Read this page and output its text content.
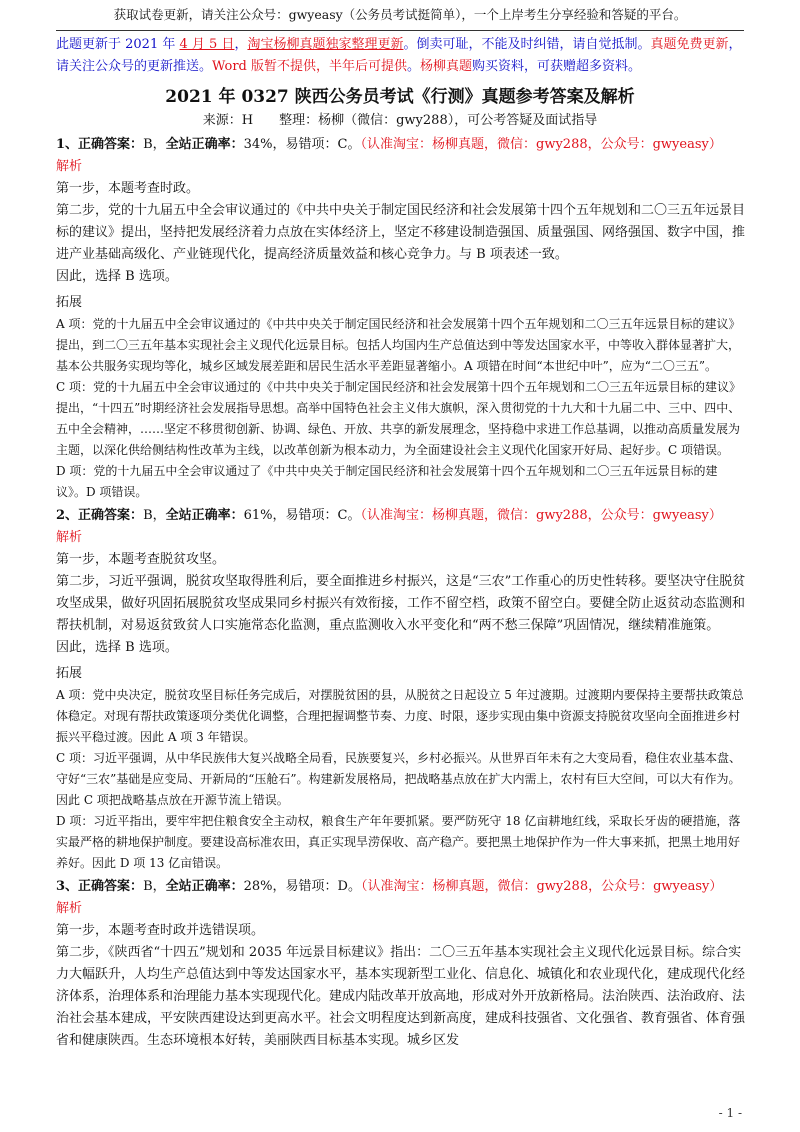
获取试卷更新，请关注公众号：gwyeasy（公务员考试挺简单），一个上岸考生分享经验和答疑的平台。
此题更新于 2021 年 4 月 5 日，淘宝杨柳真题独家整理更新。倒卖可耻，不能及时纠错，请自觉抵制。真题免费更新，请关注公众号的更新推送。Word 版暂不提供，半年后可提供。杨柳真题购买资料，可获赠超多资料。
2021 年 0327 陕西公务员考试《行测》真题参考答案及解析
来源：H　　整理：杨柳（微信：gwy288），可公考答疑及面试指导

1、正确答案：B，全站正确率：34%，易错项：C。（认准淘宝：杨柳真题，微信：gwy288，公众号：gwyeasy）

解析

第一步，本题考查时政。

第二步，党的十九届五中全会审议通过的《中共中央关于制定国民经济和社会发展第十四个五年规划和二〇三五年远景目标的建议》提出，坚持把发展经济着力点放在实体经济上，坚定不移建设制造强国、质量强国、网络强国、数字中国，推进产业基础高级化、产业链现代化，提高经济质量效益和核心竞争力。与 B 项表述一致。

因此，选择 B 选项。

拓展

A 项：党的十九届五中全会审议通过的《中共中央关于制定国民经济和社会发展第十四个五年规划和二〇三五年远景目标的建议》提出，到二〇三五年基本实现社会主义现代化远景目标。包括人均国内生产总值达到中等发达国家水平，中等收入群体显著扩大，基本公共服务实现均等化，城乡区域发展差距和居民生活水平差距显著缩小。A 项错在时间“本世纪中叶”，应为“二〇三五”。

C 项：党的十九届五中全会审议通过的《中共中央关于制定国民经济和社会发展第十四个五年规划和二〇三五年远景目标的建议》提出，“十四五”时期经济社会发展指导思想。高举中国特色社会主义伟大旗帜，深入贯彻党的十九大和十九届二中、三中、四中、五中全会精神，……坚定不移贯彻创新、协调、绿色、开放、共享的新发展理念，坚持稳中求进工作总基调，以推动高质量发展为主题，以深化供给侧结构性改革为主线，以改革创新为根本动力，为全面建设社会主义现代化国家开好局、起好步。C 项错误。

D 项：党的十九届五中全会审议通过了《中共中央关于制定国民经济和社会发展第十四个五年规划和二〇三五年远景目标的建议》。D 项错误。

2、正确答案：B，全站正确率：61%，易错项：C。（认准淘宝：杨柳真题，微信：gwy288，公众号：gwyeasy）

解析

第一步，本题考查脱贫攻坚。

第二步，习近平强调，脱贫攻坚取得胜利后，要全面推进乡村振兴，这是“三农”工作重心的历史性转移。要坚决守住脱贫攻坚成果，做好巩固拓展脱贫攻坚成果同乡村振兴有效衔接，工作不留空档，政策不留空白。要健全防止返贫动态监测和帮扶机制，对易返贫致贫人口实施常态化监测，重点监测收入水平变化和“两不愁三保障”巩固情况，继续精准施策。

因此，选择 B 选项。

拓展

A 项：党中央决定，脱贫攻坚目标任务完成后，对摆脱贫困的县，从脱贫之日起设立 5 年过渡期。过渡期内要保持主要帮扶政策总体稳定。对现有帮扶政策逐项分类优化调整，合理把握调整节奏、力度、时限，逐步实现由集中资源支持脱贫攻坚向全面推进乡村振兴平稳过渡。因此 A 项 3 年错误。

C 项：习近平强调，从中华民族伟大复兴战略全局看，民族要复兴，乡村必振兴。从世界百年未有之大变局看，稳住农业基本盘、守好“三农”基础是应变局、开新局的“压舱石”。构建新发展格局，把战略基点放在扩大内需上，农村有巨大空间，可以大有作为。因此 C 项把战略基点放在开源节流上错误。

D 项：习近平指出，要牢牢把住粮食安全主动权，粮食生产年年要抓紧。要严防死守 18 亿亩耕地红线，采取长牙齿的硬措施，落实最严格的耕地保护制度。要建设高标准农田，真正实现旱涝保收、高产稳产。要把黑土地保护作为一件大事来抓，把黑土地用好养好。因此 D 项 13 亿亩错误。

3、正确答案：B，全站正确率：28%，易错项：D。（认准淘宝：杨柳真题，微信：gwy288，公众号：gwyeasy）

解析

第一步，本题考查时政并选错误项。

第二步，《陕西省“十四五”规划和 2035 年远景目标建议》指出：二〇三五年基本实现社会主义现代化远景目标。综合实力大幅跃升，人均生产总值达到中等发达国家水平，基本实现新型工业化、信息化、城镇化和农业现代化，建成现代化经济体系，治理体系和治理能力基本实现现代化。建成内陆改革开放高地，形成对外开放新格局。法治陕西、法治政府、法治社会基本建成，平安陕西建设达到更高水平。社会文明程度达到新高度，建成科技强省、文化强省、教育强省、体育强省和健康陕西。生态环境根本好转，美丽陕西目标基本实现。城乡区发

- 1 -
